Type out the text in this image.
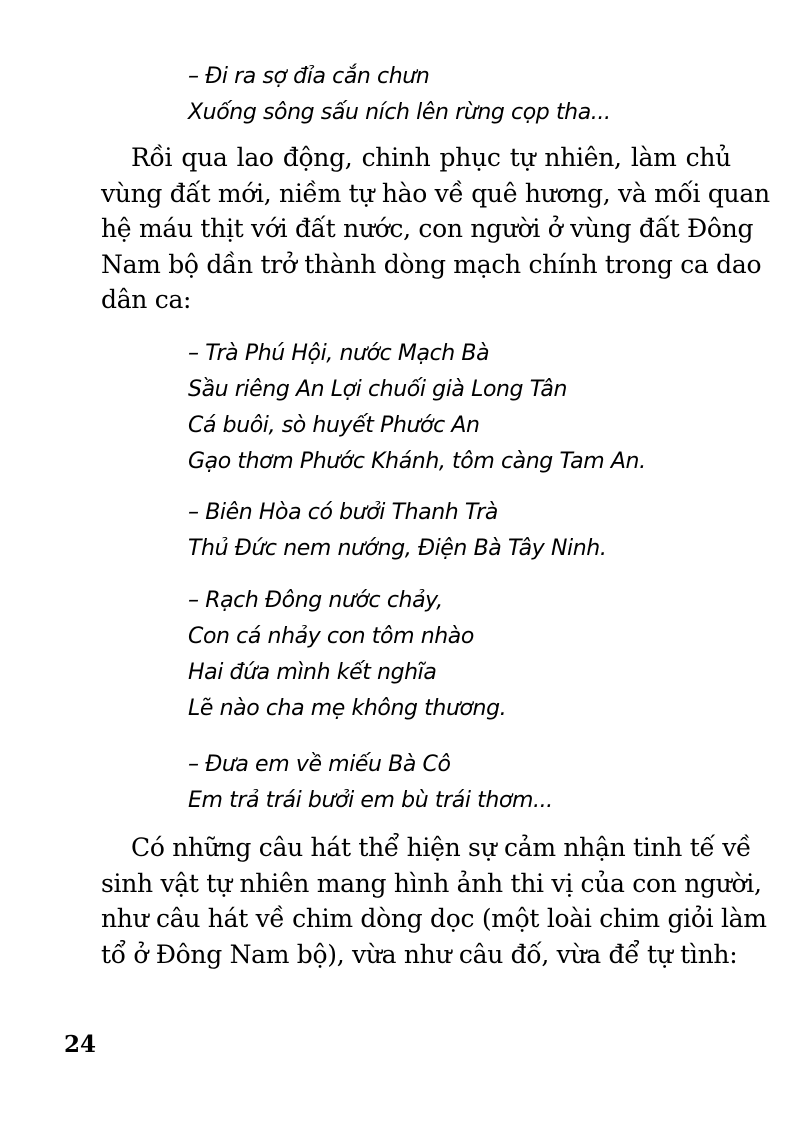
– Đi ra sợ đỉa cắn chưn
Xuống sông sấu ních lên rừng cọp tha...
Rồi qua lao động, chinh phục tự nhiên, làm chủ
vùng đất mới, niềm tự hào về quê hương, và mối quan
hệ máu thịt với đất nước, con người ở vùng đất Đông
Nam bộ dần trở thành dòng mạch chính trong ca dao
dân ca:
– Trà Phú Hội, nước Mạch Bà
Sầu riêng An Lợi chuối già Long Tân
Cá buôi, sò huyết Phước An
Gạo thơm Phước Khánh, tôm càng Tam An.
– Biên Hòa có bưởi Thanh Trà
Thủ Đức nem nướng, Điện Bà Tây Ninh.
– Rạch Đông nước chảy,
Con cá nhảy con tôm nhào
Hai đứa mình kết nghĩa
Lẽ nào cha mẹ không thương.
– Đưa em về miếu Bà Cô
Em trả trái bưởi em bù trái thơm...
Có những câu hát thể hiện sự cảm nhận tinh tế về
sinh vật tự nhiên mang hình ảnh thi vị của con người,
như câu hát về chim dòng dọc (một loài chim giỏi làm
tổ ở Đông Nam bộ), vừa như câu đố, vừa để tự tình:
24
